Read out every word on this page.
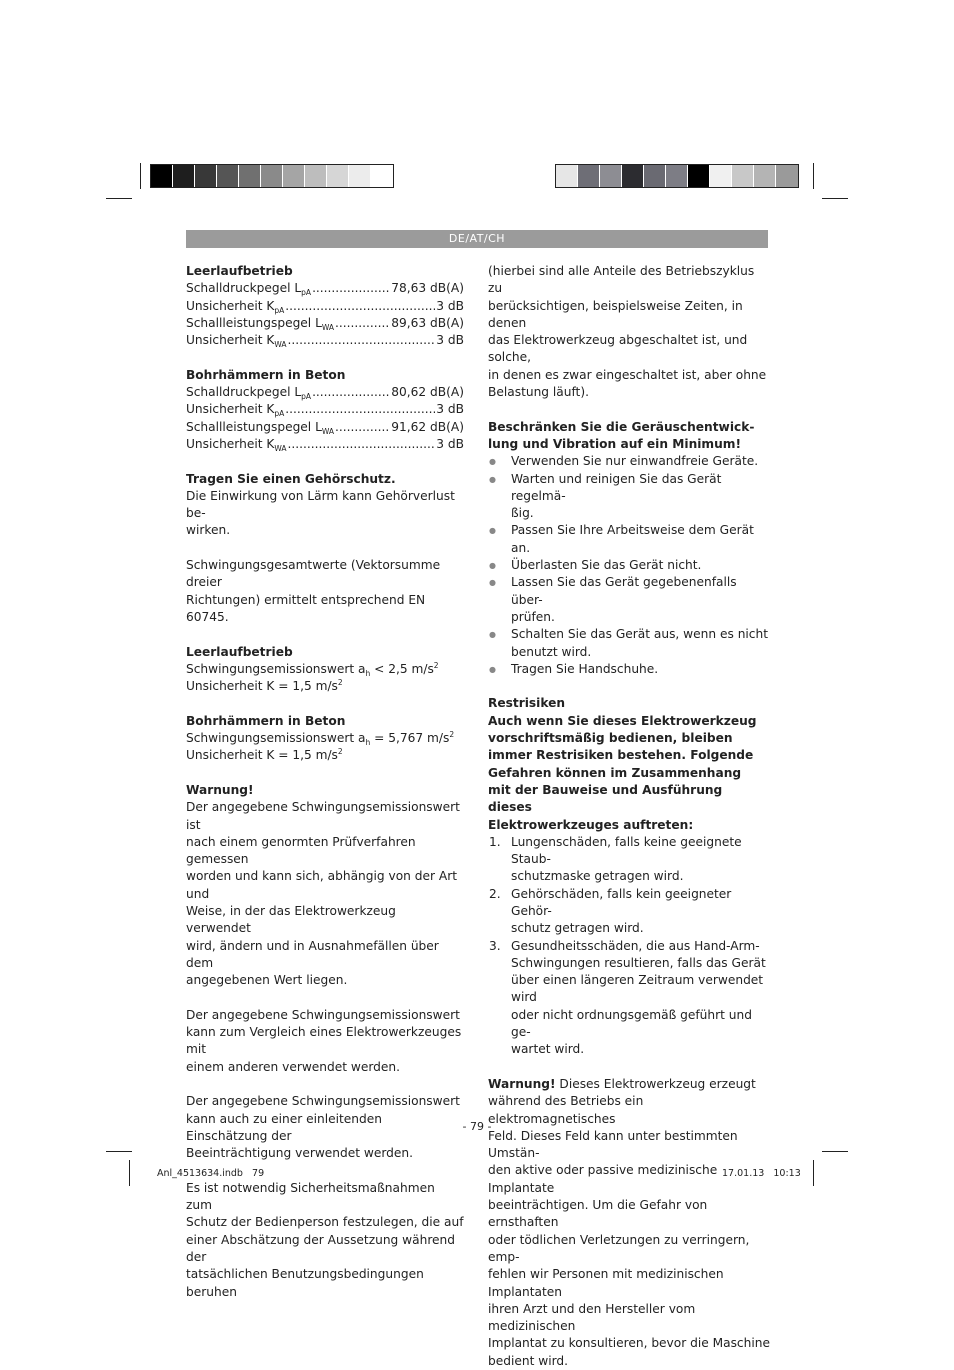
DE/AT/CH

Leerlaufbetrieb

Schalldruckpegel $L_{pA}$ .....	78,63 dB(A)
Unsicherheit $K_{pA}$ .....	3 dB
Schallleistungspegel $L_{WA}$ .....	89,63 dB(A)
Unsicherheit $K_{WA}$ .....	3 dB

Bohrhämmern in Beton

Schalldruckpegel $L_{pA}$ .....	80,62 dB(A)
Unsicherheit $K_{pA}$ .....	3 dB
Schallleistungspegel $L_{WA}$ .....	91,62 dB(A)
Unsicherheit $K_{WA}$ .....	3 dB

Tragen Sie einen Gehörschutz.

Die Einwirkung von Lärm kann Gehörverlust be-

wirken.

Schwingungsgesamtwerte (Vektorsumme dreier

Richtungen) ermittelt entsprechend EN 60745.

Leerlaufbetrieb

Schwingungsemissionswert $a_h < 2,5$ $m/s^2$

Unsicherheit K = 1,5 $m/s^2$

Bohrhämmern in Beton

Schwingungsemissionswert $a_h = 5,767$ $m/s^2$

Unsicherheit K = 1,5 $m/s^2$

Warnung!

Der angegebene Schwingungsemissionswert ist

nach einem genormten Prüfverfahren gemessen

worden und kann sich, abhängig von der Art und

Weise, in der das Elektrowerkzeug verwendet

wird, ändern und in Ausnahmefällen über dem

angegebenen Wert liegen.

Der angegebene Schwingungsemissionswert

kann zum Vergleich eines Elektrowerkzeuges mit

einem anderen verwendet werden.

Der angegebene Schwingungsemissionswert

kann auch zu einer einleitenden Einschätzung der

Beeinträchtigung verwendet werden.

Es ist notwendig Sicherheitsmaßnahmen zum

Schutz der Bedienperson festzulegen, die auf

einer Abschätzung der Aussetzung während der

tatsächlichen Benutzungsbedingungen beruhen

(hierbei sind alle Anteile des Betriebszyklus zu

berücksichtigen, beispielsweise Zeiten, in denen

das Elektrowerkzeug abgeschaltet ist, und solche,

in denen es zwar eingeschaltet ist, aber ohne

Belastung läuft).

Beschränken Sie die Geräuschentwick-

lung und Vibration auf ein Minimum!

● Verwenden Sie nur einwandfreie Geräte.
● Warten und reinigen Sie das Gerät regelmä-
ßig.
● Passen Sie Ihre Arbeitsweise dem Gerät an.
● Überlasten Sie das Gerät nicht.
● Lassen Sie das Gerät gegebenenfalls über-
prüfen.
● Schalten Sie das Gerät aus, wenn es nicht
benutzt wird.
● Tragen Sie Handschuhe.

Restrisiken

Auch wenn Sie dieses Elektrowerkzeug

vorschriftsmäßig bedienen, bleiben

immer Restrisiken bestehen. Folgende

Gefahren können im Zusammenhang

mit der Bauweise und Ausführung dieses

Elektrowerkzeuges auftreten:

1. Lungenschäden, falls keine geeignete Staub-
schutzmaske getragen wird.
2. Gehörschäden, falls kein geeigneter Gehör-
schutz getragen wird.
3. Gesundheitsschäden, die aus Hand-Arm-
Schwingungen resultieren, falls das Gerät
über einen längeren Zeitraum verwendet wird
oder nicht ordnungsgemäß geführt und ge-
wartet wird.

Warnung! Dieses Elektrowerkzeug erzeugt

während des Betriebs ein elektromagnetisches

Feld. Dieses Feld kann unter bestimmten Umstän-

den aktive oder passive medizinische Implantate

beeinträchtigen. Um die Gefahr von ernsthaften

oder tödlichen Verletzungen zu verringern, emp-

fehlen wir Personen mit medizinischen Implantaten

ihren Arzt und den Hersteller vom medizinischen

Implantat zu konsultieren, bevor die Maschine

bedient wird.

- 79 -
Anl_4513634.indb   79	17.01.13   10:13
